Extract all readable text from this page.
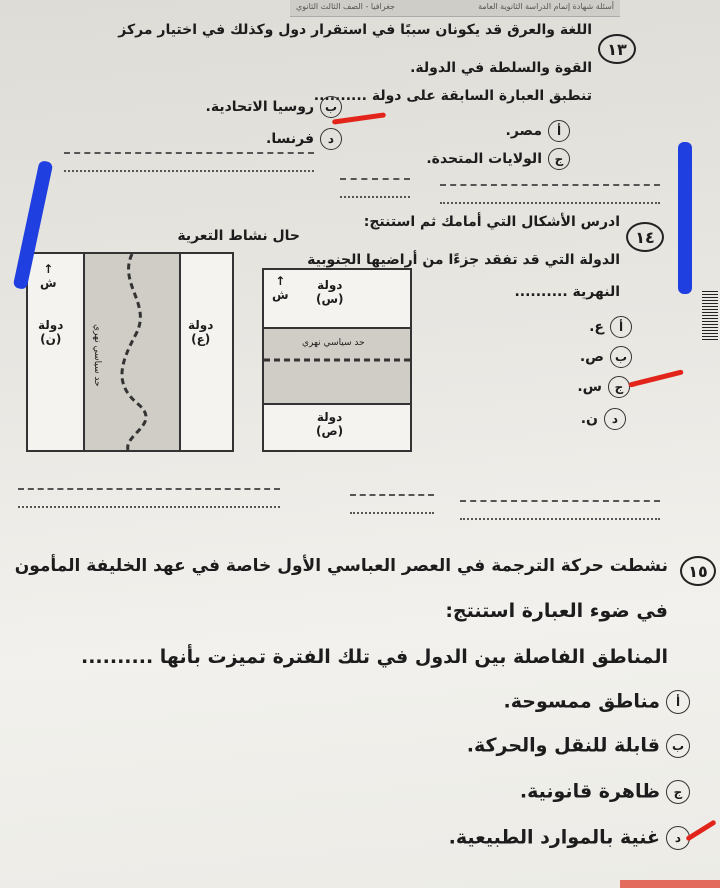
أسئلة شهادة إتمام الدراسة الثانوية العامة
جغرافيا - الصف الثالث الثانوي
١٣
اللغة والعرق قد يكونان سببًا في استقرار دول وكذلك في اختيار مركز
القوة والسلطة في الدولة.
تنطبق العبارة السابقة على دولة ..........
أمصر.
بروسيا الاتحادية.
جالولايات المتحدة.
دفرنسا.
١٤
ادرس الأشكال التي أمامك ثم استنتج:
حال نشاط التعرية
الدولة التي قد تفقد جزءًا من أراضيها الجنوبية
النهرية ..........
↑
ش
دولة
(ن)
دولة
(ع)
حد سياسي نهري
↑
ش
دولة
(س)
حد سياسي نهري
دولة
(ص)
أع.
بص.
جس.
دن.
١٥
نشطت حركة الترجمة في العصر العباسي الأول خاصة في عهد الخليفة المأمون
في ضوء العبارة استنتج:
المناطق الفاصلة بين الدول في تلك الفترة تميزت بأنها ..........
أمناطق ممسوحة.
بقابلة للنقل والحركة.
جظاهرة قانونية.
دغنية بالموارد الطبيعية.
